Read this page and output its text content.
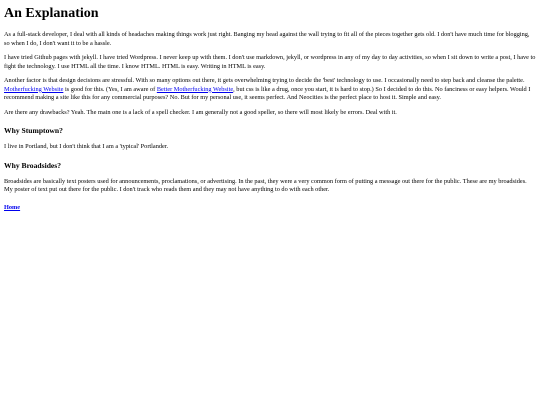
An Explanation

As a full-stack developer, I deal with all kinds of headaches making things work just right. Banging my head against the wall trying to fit all of the pieces together gets old. I don't have much time for blogging, so when I do, I don't want it to be a hassle.

I have tried Github pages with jekyll. I have tried Wordpress. I never keep up with them. I don't use markdown, jekyll, or wordpress in any of my day to day activities, so when I sit down to write a post, I have to fight the technology. I use HTML all the time. I know HTML. HTML is easy. Writing in HTML is easy.

Another factor is that design decisions are stressful. With so many options out there, it gets overwhelming trying to decide the 'best' technology to use. I occasionally need to step back and cleanse the palette. Motherfucking Website is good for this. (Yes, I am aware of Better Motherfucking Website, but css is like a drug, once you start, it is hard to stop.) So I decided to do this. No fanciness or easy helpers. Would I recommend making a site like this for any commercial purposes? No. But for my personal use, it seems perfect. And Neocities is the perfect place to host it. Simple and easy.

Are there any drawbacks? Yeah. The main one is a lack of a spell checker. I am generally not a good speller, so there will most likely be errors. Deal with it.

Why Stumptown?

I live in Portland, but I don't think that I am a 'typical' Portlander.

Why Broadsides?

Broadsides are basically text posters used for announcements, proclamations, or advertising. In the past, they were a very common form of putting a message out there for the public. These are my broadsides. My poster of text put out there for the public. I don't track who reads them and they may not have anything to do with each other.

Home
